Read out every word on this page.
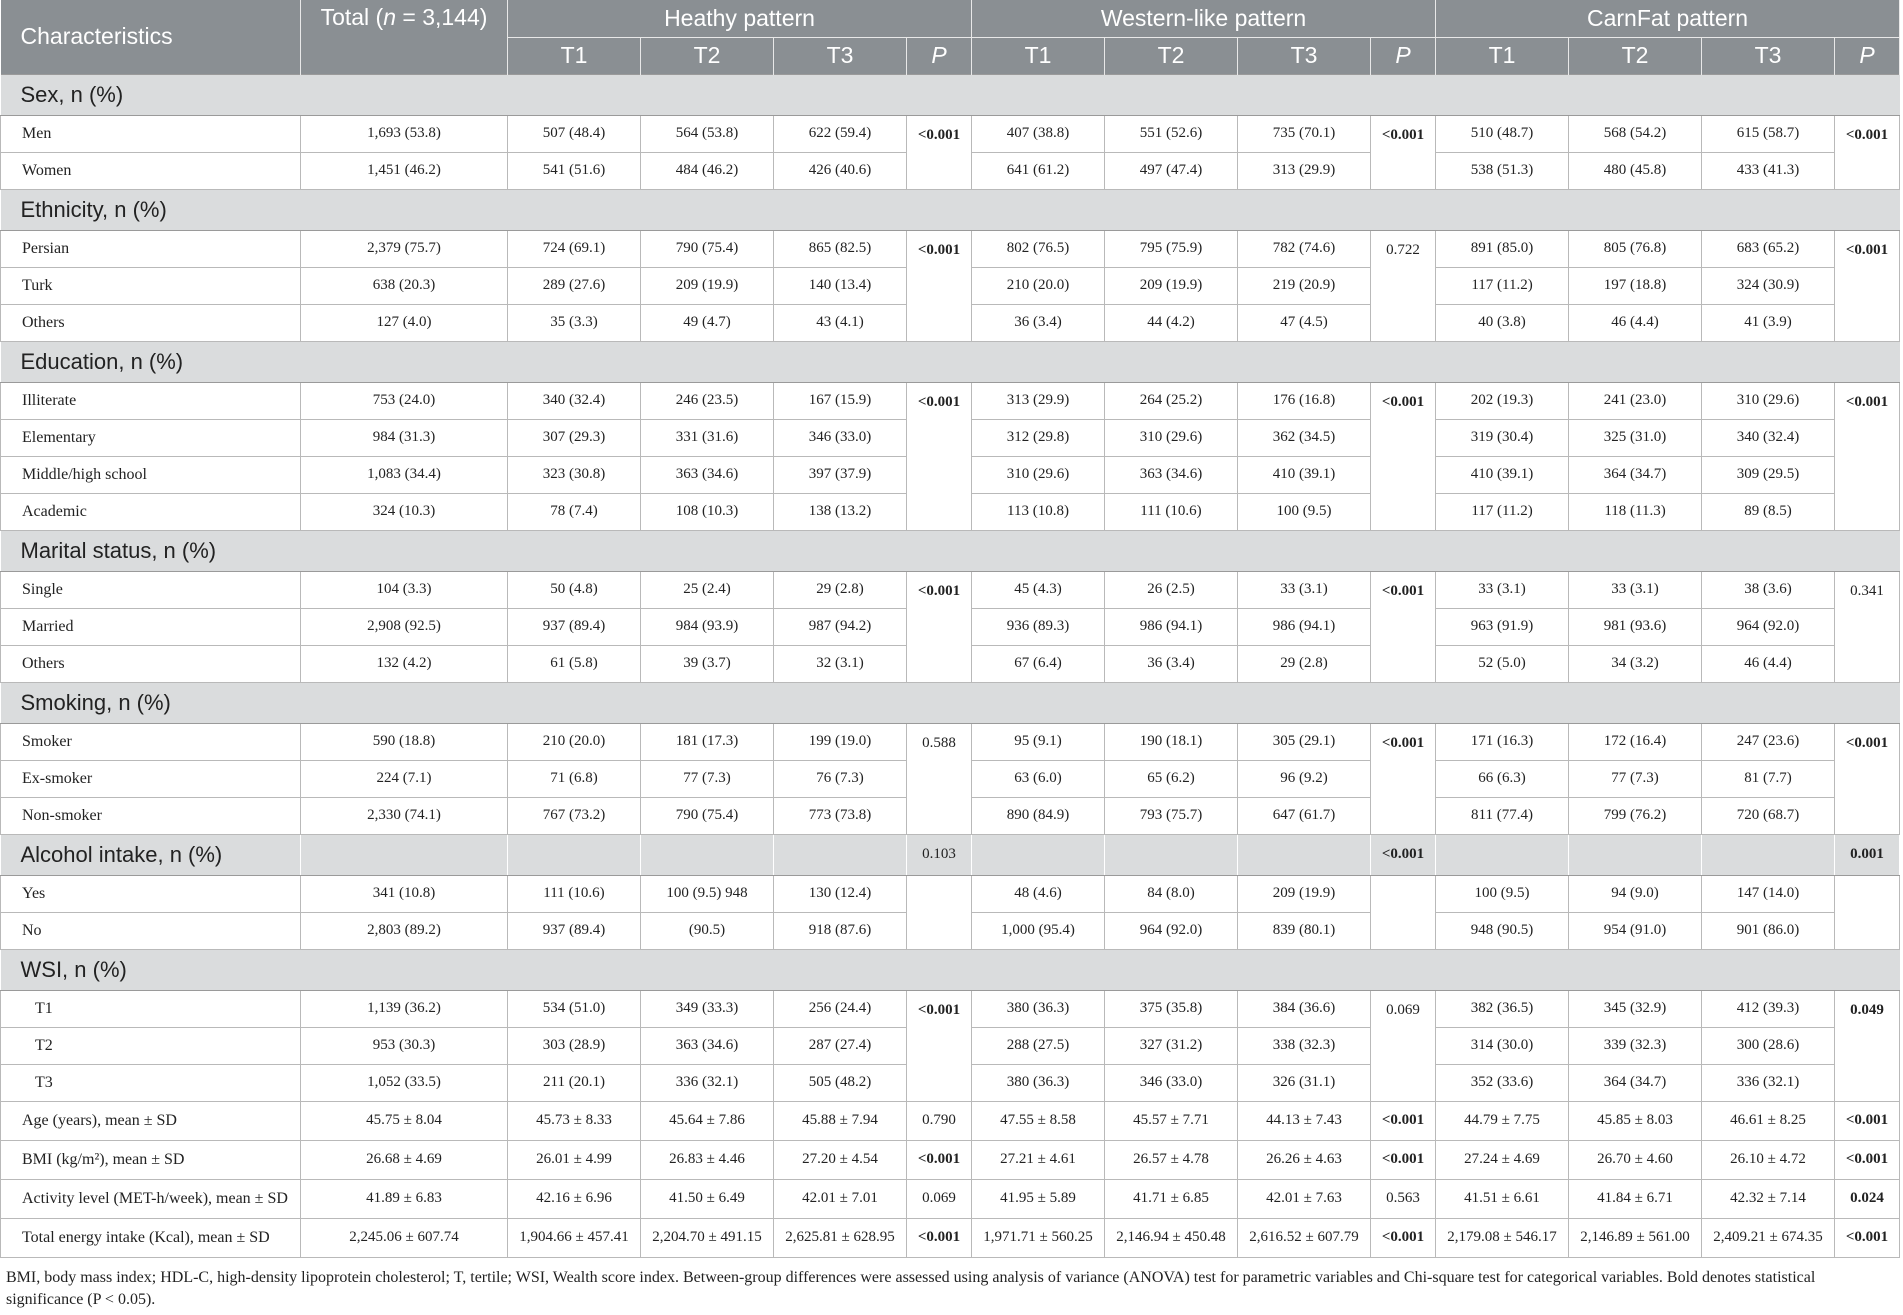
Characteristics	Total (n = 3,144)	Heathy pattern				Western-like pattern				CarnFat pattern			
		T1	T2	T3	P	T1	T2	T3	P	T1	T2	T3	P
Sex, n (%)													
Men	1,693 (53.8)	507 (48.4)	564 (53.8)	622 (59.4)	<0.001	407 (38.8)	551 (52.6)	735 (70.1)	<0.001	510 (48.7)	568 (54.2)	615 (58.7)	<0.001
Women	1,451 (46.2)	541 (51.6)	484 (46.2)	426 (40.6)		641 (61.2)	497 (47.4)	313 (29.9)		538 (51.3)	480 (45.8)	433 (41.3)	
Ethnicity, n (%)													
Persian	2,379 (75.7)	724 (69.1)	790 (75.4)	865 (82.5)	<0.001	802 (76.5)	795 (75.9)	782 (74.6)	0.722	891 (85.0)	805 (76.8)	683 (65.2)	<0.001
Turk	638 (20.3)	289 (27.6)	209 (19.9)	140 (13.4)		210 (20.0)	209 (19.9)	219 (20.9)		117 (11.2)	197 (18.8)	324 (30.9)	
Others	127 (4.0)	35 (3.3)	49 (4.7)	43 (4.1)		36 (3.4)	44 (4.2)	47 (4.5)		40 (3.8)	46 (4.4)	41 (3.9)	
Education, n (%)													
Illiterate	753 (24.0)	340 (32.4)	246 (23.5)	167 (15.9)	<0.001	313 (29.9)	264 (25.2)	176 (16.8)	<0.001	202 (19.3)	241 (23.0)	310 (29.6)	<0.001
Elementary	984 (31.3)	307 (29.3)	331 (31.6)	346 (33.0)		312 (29.8)	310 (29.6)	362 (34.5)		319 (30.4)	325 (31.0)	340 (32.4)	
Middle/high school	1,083 (34.4)	323 (30.8)	363 (34.6)	397 (37.9)		310 (29.6)	363 (34.6)	410 (39.1)		410 (39.1)	364 (34.7)	309 (29.5)	
Academic	324 (10.3)	78 (7.4)	108 (10.3)	138 (13.2)		113 (10.8)	111 (10.6)	100 (9.5)		117 (11.2)	118 (11.3)	89 (8.5)	
Marital status, n (%)													
Single	104 (3.3)	50 (4.8)	25 (2.4)	29 (2.8)	<0.001	45 (4.3)	26 (2.5)	33 (3.1)	<0.001	33 (3.1)	33 (3.1)	38 (3.6)	0.341
Married	2,908 (92.5)	937 (89.4)	984 (93.9)	987 (94.2)		936 (89.3)	986 (94.1)	986 (94.1)		963 (91.9)	981 (93.6)	964 (92.0)	
Others	132 (4.2)	61 (5.8)	39 (3.7)	32 (3.1)		67 (6.4)	36 (3.4)	29 (2.8)		52 (5.0)	34 (3.2)	46 (4.4)	
Smoking, n (%)													
Smoker	590 (18.8)	210 (20.0)	181 (17.3)	199 (19.0)	0.588	95 (9.1)	190 (18.1)	305 (29.1)	<0.001	171 (16.3)	172 (16.4)	247 (23.6)	<0.001
Ex-smoker	224 (7.1)	71 (6.8)	77 (7.3)	76 (7.3)		63 (6.0)	65 (6.2)	96 (9.2)		66 (6.3)	77 (7.3)	81 (7.7)	
Non-smoker	2,330 (74.1)	767 (73.2)	790 (75.4)	773 (73.8)		890 (84.9)	793 (75.7)	647 (61.7)		811 (77.4)	799 (76.2)	720 (68.7)	
Alcohol intake, n (%)					0.103				<0.001				0.001
Yes	341 (10.8)	111 (10.6)	100 (9.5) 948	130 (12.4)		48 (4.6)	84 (8.0)	209 (19.9)		100 (9.5)	94 (9.0)	147 (14.0)	
No	2,803 (89.2)	937 (89.4)	(90.5)	918 (87.6)		1,000 (95.4)	964 (92.0)	839 (80.1)		948 (90.5)	954 (91.0)	901 (86.0)	
WSI, n (%)													
T1	1,139 (36.2)	534 (51.0)	349 (33.3)	256 (24.4)	<0.001	380 (36.3)	375 (35.8)	384 (36.6)	0.069	382 (36.5)	345 (32.9)	412 (39.3)	0.049
T2	953 (30.3)	303 (28.9)	363 (34.6)	287 (27.4)		288 (27.5)	327 (31.2)	338 (32.3)		314 (30.0)	339 (32.3)	300 (28.6)	
T3	1,052 (33.5)	211 (20.1)	336 (32.1)	505 (48.2)		380 (36.3)	346 (33.0)	326 (31.1)		352 (33.6)	364 (34.7)	336 (32.1)	
Age (years), mean ± SD	45.75 ± 8.04	45.73 ± 8.33	45.64 ± 7.86	45.88 ± 7.94	0.790	47.55 ± 8.58	45.57 ± 7.71	44.13 ± 7.43	<0.001	44.79 ± 7.75	45.85 ± 8.03	46.61 ± 8.25	<0.001
BMI (kg/m²), mean ± SD	26.68 ± 4.69	26.01 ± 4.99	26.83 ± 4.46	27.20 ± 4.54	<0.001	27.21 ± 4.61	26.57 ± 4.78	26.26 ± 4.63	<0.001	27.24 ± 4.69	26.70 ± 4.60	26.10 ± 4.72	<0.001
Activity level (MET-h/week), mean ± SD	41.89 ± 6.83	42.16 ± 6.96	41.50 ± 6.49	42.01 ± 7.01	0.069	41.95 ± 5.89	41.71 ± 6.85	42.01 ± 7.63	0.563	41.51 ± 6.61	41.84 ± 6.71	42.32 ± 7.14	0.024
Total energy intake (Kcal), mean ± SD	2,245.06 ± 607.74	1,904.66 ± 457.41	2,204.70 ± 491.15	2,625.81 ± 628.95	<0.001	1,971.71 ± 560.25	2,146.94 ± 450.48	2,616.52 ± 607.79	<0.001	2,179.08 ± 546.17	2,146.89 ± 561.00	2,409.21 ± 674.35	<0.001
BMI, body mass index; HDL-C, high-density lipoprotein cholesterol; T, tertile; WSI, Wealth score index. Between-group differences were assessed using analysis of variance (ANOVA) test for parametric variables and Chi-square test for categorical variables. Bold denotes statistical significance (P < 0.05).
